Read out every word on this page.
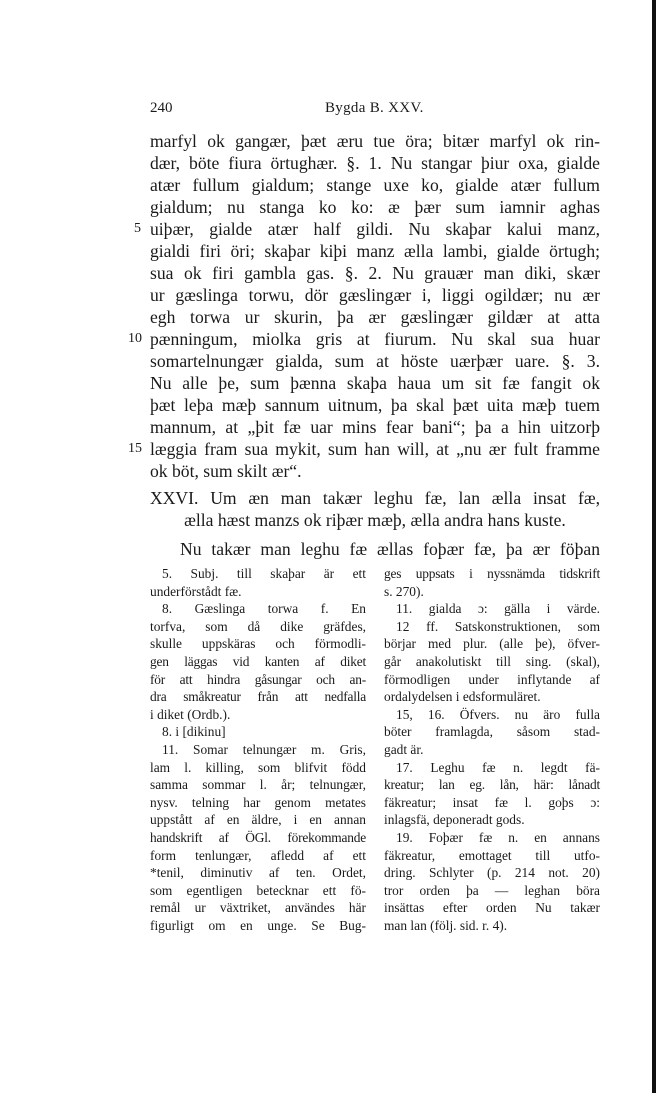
240	Bygda B. XXV.
marfyl ok gangær, þæt æru tue öra; bitær marfyl ok rin-
dær, böte fiura örtughær. §. 1. Nu stangar þiur oxa, gialde
atær fullum gialdum; stange uxe ko, gialde atær fullum
gialdum; nu stanga ko ko: æ þær sum iamnir aghas
5 uiþær, gialde atær half gildi. Nu skaþar kalui manz,
gialdi firi öri; skaþar kiþi manz ælla lambi, gialde örtugh;
sua ok firi gambla gas. §. 2. Nu grauær man diki, skær
ur gæslinga torwu, dör gæslingær i, liggi ogildær; nu ær
egh torwa ur skurin, þa ær gæslingær gildær at atta
10 pænningum, miolka gris at fiurum. Nu skal sua huar
somartelnungær gialda, sum at höste uærþær uare. §. 3.
Nu alle þe, sum þænna skaþa haua um sit fæ fangit ok
þæt leþa mæþ sannum uitnum, þa skal þæt uita mæþ tuem
mannum, at „þit fæ uar mins fear bani“; þa a hin uitzorþ
15 læggia fram sua mykit, sum han will, at „nu ær fult framme
ok böt, sum skilt ær“.
XXVI. Um æn man takær leghu fæ, lan ælla insat fæ,
ælla hæst manzs ok riþær mæþ, ælla andra hans kuste.
Nu takær man leghu fæ ællas foþær fæ, þa ær föþan
5. Subj. till skaþar är ett
underförstådt fæ.
8. Gæslinga torwa f. En
torfva, som då dike gräfdes,
skulle uppskäras och förmodli-
gen läggas vid kanten af diket
för att hindra gåsungar och an-
dra småkreatur från att nedfalla
i diket (Ordb.).
8. i [dikinu]
11. Somar telnungær m. Gris,
lam l. killing, som blifvit född
samma sommar l. år; telnungær,
nysv. telning har genom metates
uppstått af en äldre, i en annan
handskrift af ÖGl. förekommande
form tenlungær, afledd af ett
*tenil, diminutiv af ten. Ordet,
som egentligen betecknar ett fö-
remål ur växtriket, användes här
figurligt om en unge. Se Bug-
ges uppsats i nyssnämda tidskrift
s. 270).
11. gialda ɔ: gälla i värde.
12 ff. Satskonstruktionen, som
börjar med plur. (alle þe), öfver-
går anakolutiskt till sing. (skal),
förmodligen under inflytande af
ordalydelsen i edsformuläret.
15, 16. Öfvers. nu äro fulla
böter framlagda, såsom stad-
gadt är.
17. Leghu fæ n. legdt fä-
kreatur; lan eg. lån, här: lånadt
fäkreatur; insat fæ l. goþs ɔ:
inlagsfä, deponeradt gods.
19. Foþær fæ n. en annans
fäkreatur, emottaget till utfo-
dring. Schlyter (p. 214 not. 20)
tror orden þa — leghan böra
insättas efter orden Nu takær
man lan (följ. sid. r. 4).
